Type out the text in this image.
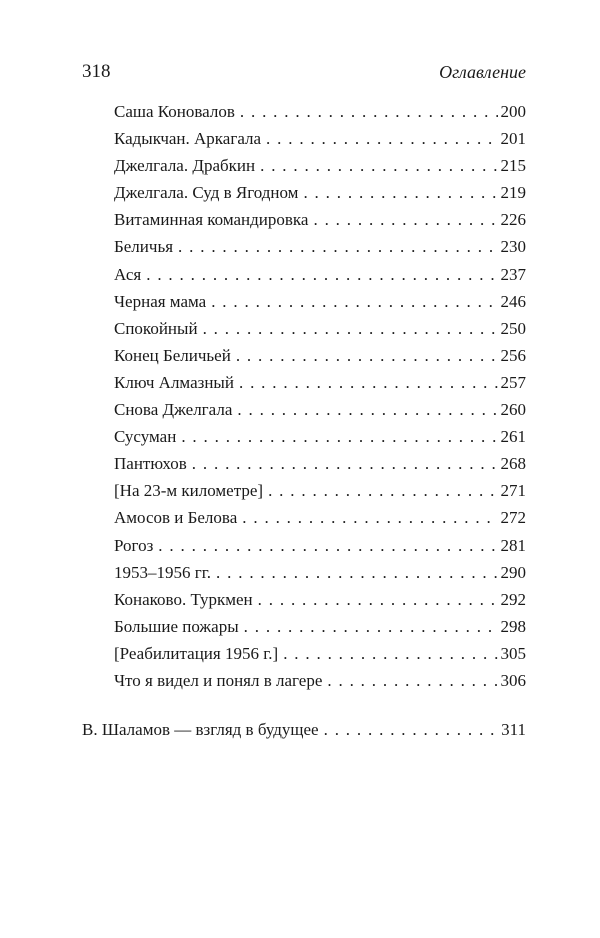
318	Оглавление
Саша Коновалов . . .	200
Кадыкчан. Аркагала . . .	201
Джелгала. Драбкин . . .	215
Джелгала. Суд в Ягодном . . .	219
Витаминная командировка . . .	226
Беличья . . .	230
Ася . . .	237
Черная мама . . .	246
Спокойный . . .	250
Конец Беличьей . . .	256
Ключ Алмазный . . .	257
Снова Джелгала . . .	260
Сусуман . . .	261
Пантюхов . . .	268
[На 23-м километре] . . .	271
Амосов и Белова . . .	272
Рогоз . . .	281
1953–1956 гг. . . .	290
Конаково. Туркмен . . .	292
Большие пожары . . .	298
[Реабилитация 1956 г.] . . .	305
Что я видел и понял в лагере . . .	306
В. Шаламов — взгляд в будущее . . .	311
